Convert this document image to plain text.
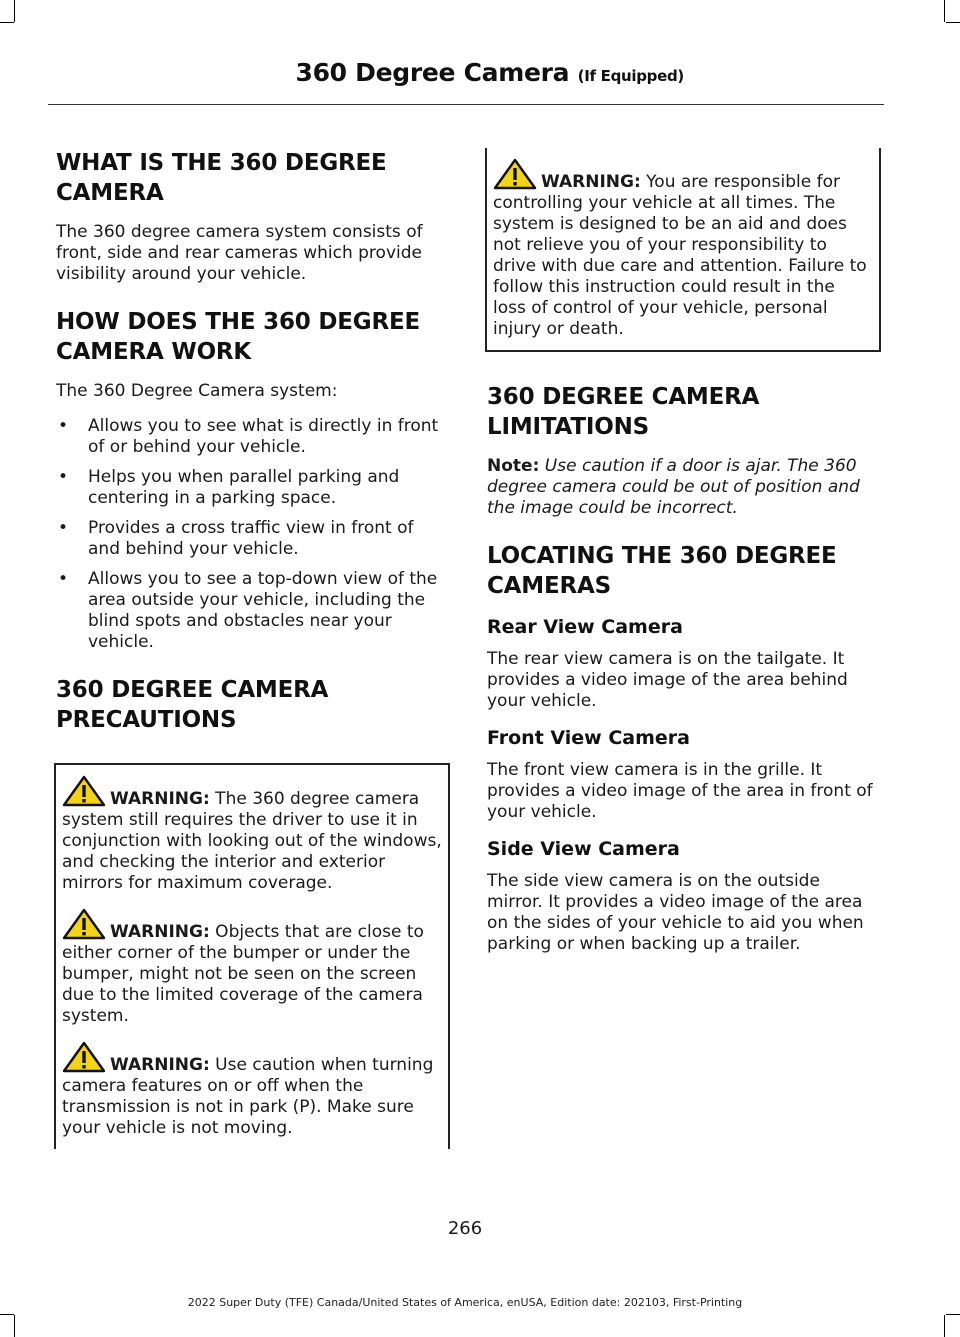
360 Degree Camera (If Equipped)
WHAT IS THE 360 DEGREE CAMERA

The 360 degree camera system consists of front, side and rear cameras which provide visibility around your vehicle.

HOW DOES THE 360 DEGREE CAMERA WORK

The 360 Degree Camera system:

• Allows you to see what is directly in front of or behind your vehicle.
• Helps you when parallel parking and centering in a parking space.
• Provides a cross traffic view in front of and behind your vehicle.
• Allows you to see a top-down view of the area outside your vehicle, including the blind spots and obstacles near your vehicle.
360 DEGREE CAMERA PRECAUTIONS
WARNING: The 360 degree camera system still requires the driver to use it in conjunction with looking out of the windows, and checking the interior and exterior mirrors for maximum coverage.
WARNING: Objects that are close to either corner of the bumper or under the bumper, might not be seen on the screen due to the limited coverage of the camera system.
WARNING: Use caution when turning camera features on or off when the transmission is not in park (P). Make sure your vehicle is not moving.
WARNING: You are responsible for controlling your vehicle at all times. The system is designed to be an aid and does not relieve you of your responsibility to drive with due care and attention. Failure to follow this instruction could result in the loss of control of your vehicle, personal injury or death.
360 DEGREE CAMERA LIMITATIONS

Note: Use caution if a door is ajar. The 360 degree camera could be out of position and the image could be incorrect.

LOCATING THE 360 DEGREE CAMERAS
Rear View Camera

The rear view camera is on the tailgate. It provides a video image of the area behind your vehicle.

Front View Camera

The front view camera is in the grille. It provides a video image of the area in front of your vehicle.

Side View Camera

The side view camera is on the outside mirror. It provides a video image of the area on the sides of your vehicle to aid you when parking or when backing up a trailer.

266
2022 Super Duty (TFE) Canada/United States of America, enUSA, Edition date: 202103, First-Printing
